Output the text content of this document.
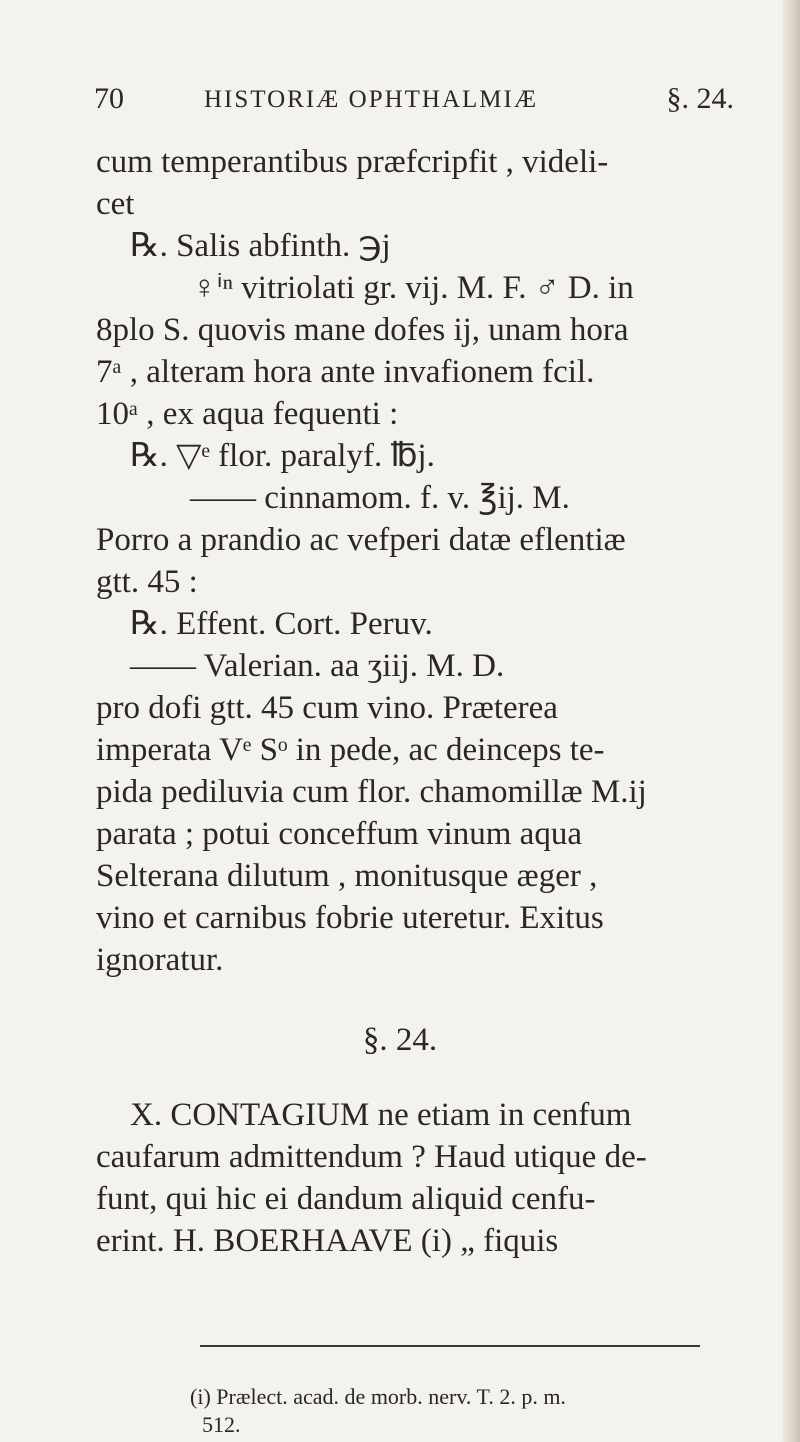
70	HISTORIÆ OPHTHALMIÆ	§. 24.
cum temperantibus præfcripfit , videli-
cet
℞. Salis abfinth. ℈j
♀ⁱⁿ vitriolati gr. vij. M. F. ♂ D. in
8plo S. quovis mane dofes ij, unam hora
7ᵃ , alteram hora ante invafionem fcil.
10ᵃ , ex aqua fequenti :
℞. ▽ᵉ flor. paralyf. ℔j.
—— cinnamom. f. v. ℥ij. M.
Porro a prandio ac vefperi datæ eflentiæ
gtt. 45 :
℞. Effent. Cort. Peruv.
—— Valerian. aa ʒiij. M. D.
pro dofi gtt. 45 cum vino. Præterea
imperata Vᵉ Sᵒ in pede, ac deinceps te-
pida pediluvia cum flor. chamomillæ M.ij
parata ; potui conceffum vinum aqua
Selterana dilutum , monitusque æger ,
vino et carnibus fobrie uteretur. Exitus
ignoratur.
§. 24.
X. CONTAGIUM ne etiam in cenfum
caufarum admittendum ? Haud utique de-
funt, qui hic ei dandum aliquid cenfu-
erint. H. BOERHAAVE (i) „ fiquis
(i) Prælect. acad. de morb. nerv. T. 2. p. m.
512.
